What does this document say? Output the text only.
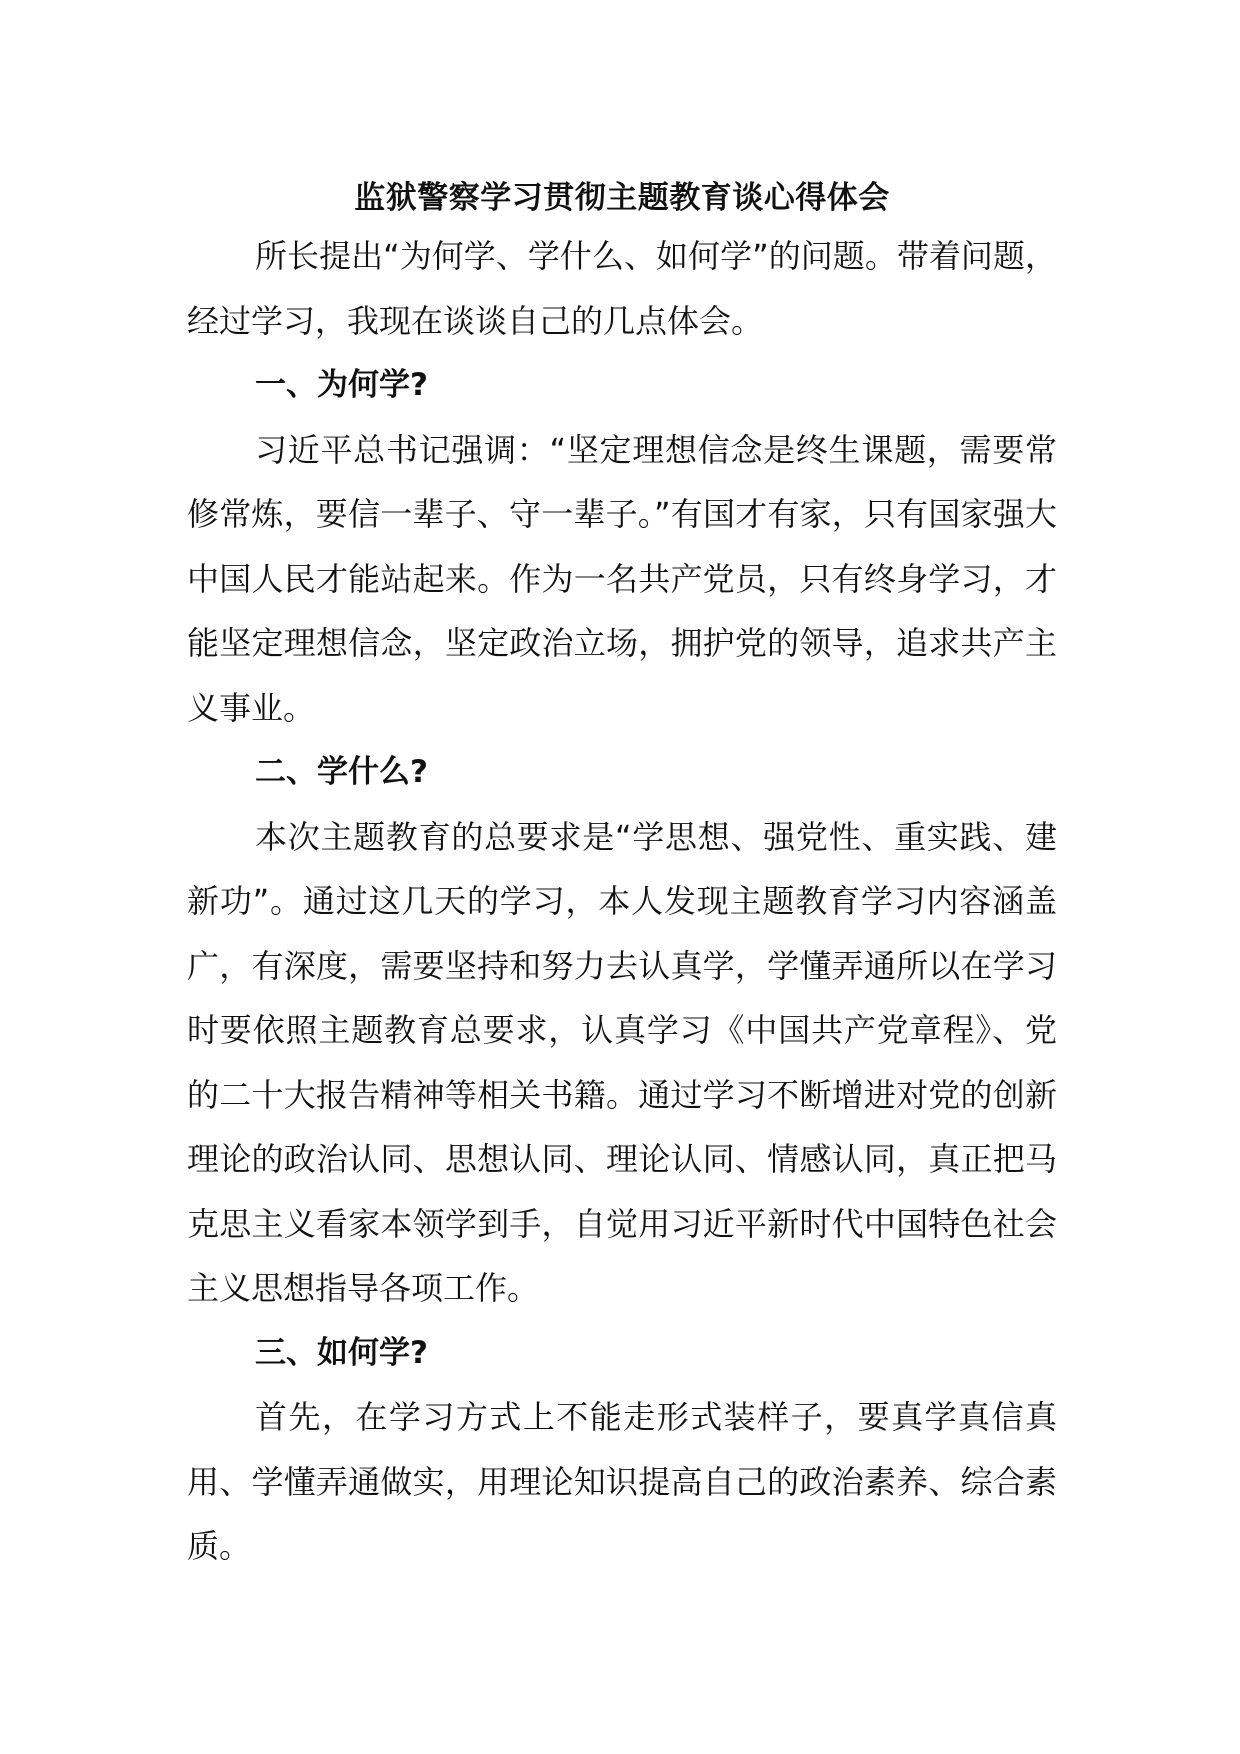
监狱警察学习贯彻主题教育谈心得体会

所长提出“为何学、学什么、如何学”的问题。带着问题，经过学习，我现在谈谈自己的几点体会。

一、为何学?

习近平总书记强调：“坚定理想信念是终生课题，需要常修常炼，要信一辈子、守一辈子。”有国才有家，只有国家强大中国人民才能站起来。作为一名共产党员，只有终身学习，才能坚定理想信念，坚定政治立场，拥护党的领导，追求共产主义事业。

二、学什么?

本次主题教育的总要求是“学思想、强党性、重实践、建新功”。通过这几天的学习，本人发现主题教育学习内容涵盖广，有深度，需要坚持和努力去认真学，学懂弄通所以在学习时要依照主题教育总要求，认真学习《中国共产党章程》、党的二十大报告精神等相关书籍。通过学习不断增进对党的创新理论的政治认同、思想认同、理论认同、情感认同，真正把马克思主义看家本领学到手，自觉用习近平新时代中国特色社会主义思想指导各项工作。

三、如何学?

首先，在学习方式上不能走形式装样子，要真学真信真用、学懂弄通做实，用理论知识提高自己的政治素养、综合素质。
